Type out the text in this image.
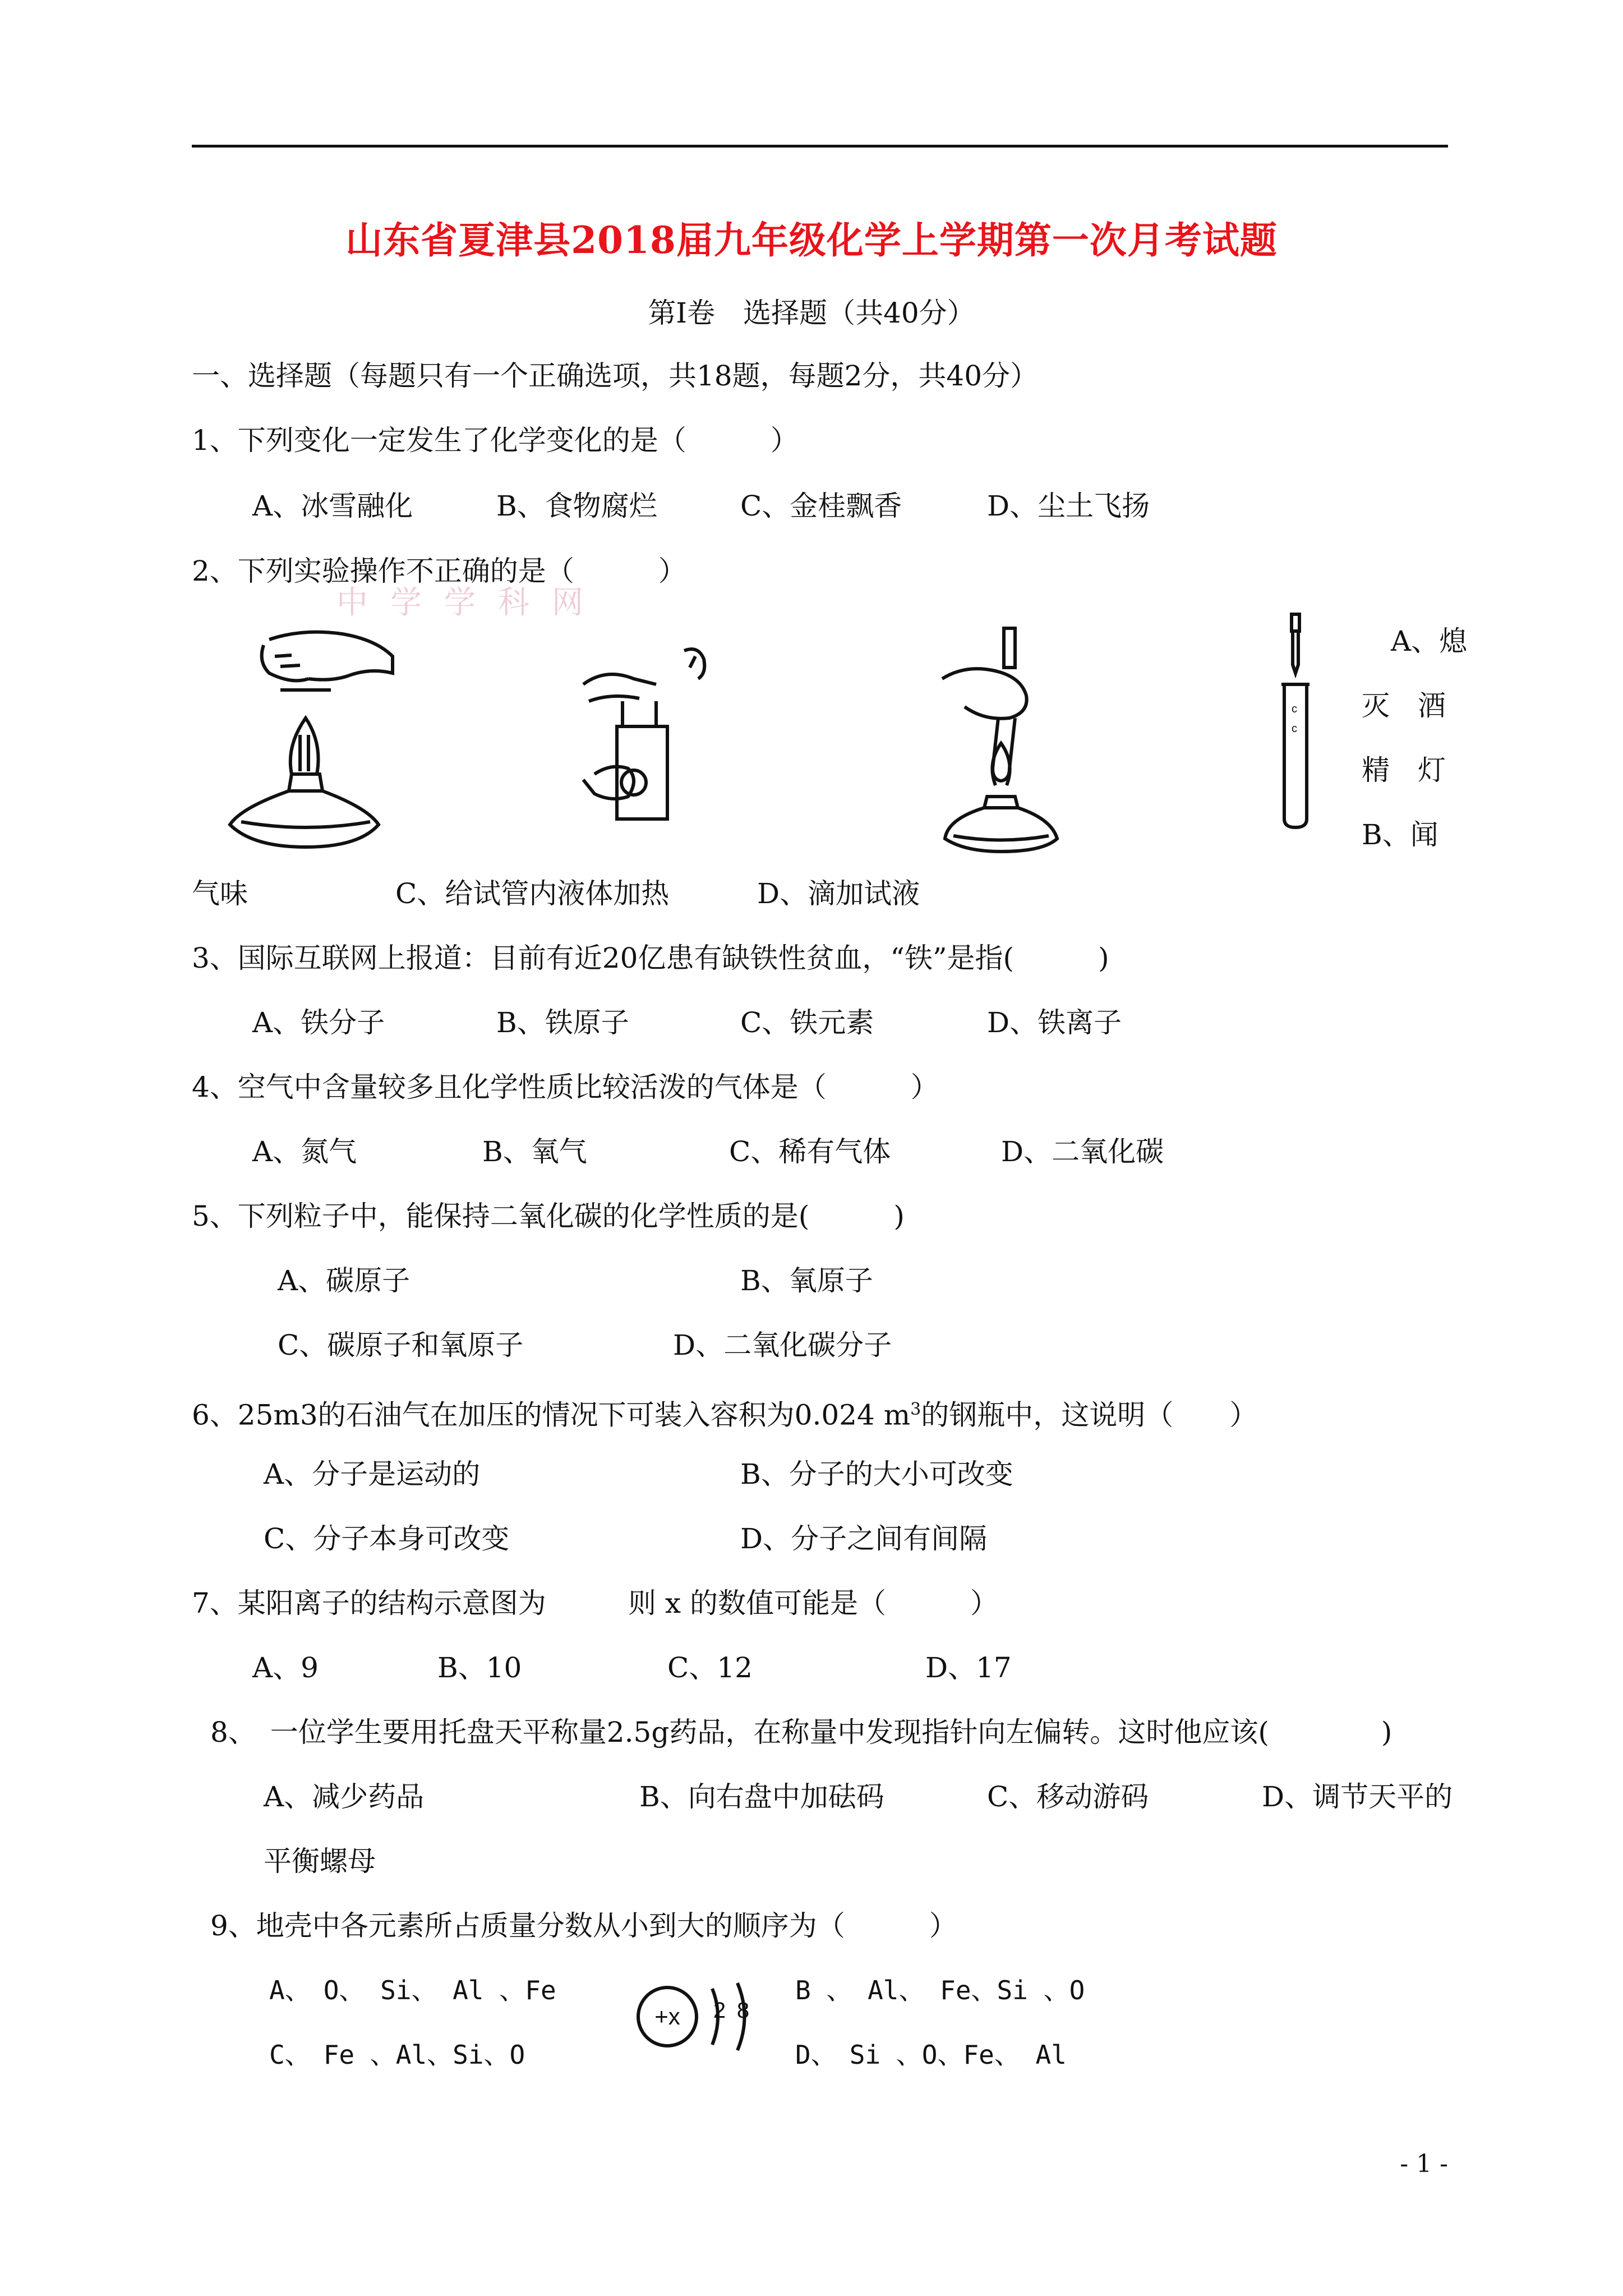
山东省夏津县2018届九年级化学上学期第一次月考试题
第Ⅰ卷　选择题（共40分）
一、选择题（每题只有一个正确选项，共18题，每题2分，共40分）
1、下列变化一定发生了化学变化的是（　　　）
A、冰雪融化	B、食物腐烂	C、金桂飘香	D、尘土飞扬
2、下列实验操作不正确的是（　　　）
中学学科网
c
c
A、熄
灭　酒
精　灯
B、闻
气味	C、给试管内液体加热	D、滴加试液
3、国际互联网上报道：目前有近20亿患有缺铁性贫血，“铁”是指(　　　)
A、铁分子	B、铁原子	C、铁元素	D、铁离子
4、空气中含量较多且化学性质比较活泼的气体是（　　　）
A、氮气	B、氧气	C、稀有气体	D、二氧化碳
5、下列粒子中，能保持二氧化碳的化学性质的是(　　　)
A、碳原子	B、氧原子
C、碳原子和氧原子	D、二氧化碳分子
6、25m3的石油气在加压的情况下可装入容积为0.024 $m^3$的钢瓶中，这说明（　　）
A、分子是运动的	B、分子的大小可改变
C、分子本身可改变	D、分子之间有间隔
7、某阳离子的结构示意图为	则 x 的数值可能是（　　　）
A、9	B、10	C、12	D、17
8、　一位学生要用托盘天平称量2.5g药品，在称量中发现指针向左偏转。这时他应该(　　　　)
A、减少药品	B、向右盘中加砝码	C、移动游码	D、调节天平的
平衡螺母
9、地壳中各元素所占质量分数从小到大的顺序为（　　　）
A、　O、 Si、 Al 、Fe	B 、 Al、 Fe、Si 、O
C、　Fe 、Al、Si、O	D、　Si 、O、Fe、 Al
+x 2 8
- 1 -
